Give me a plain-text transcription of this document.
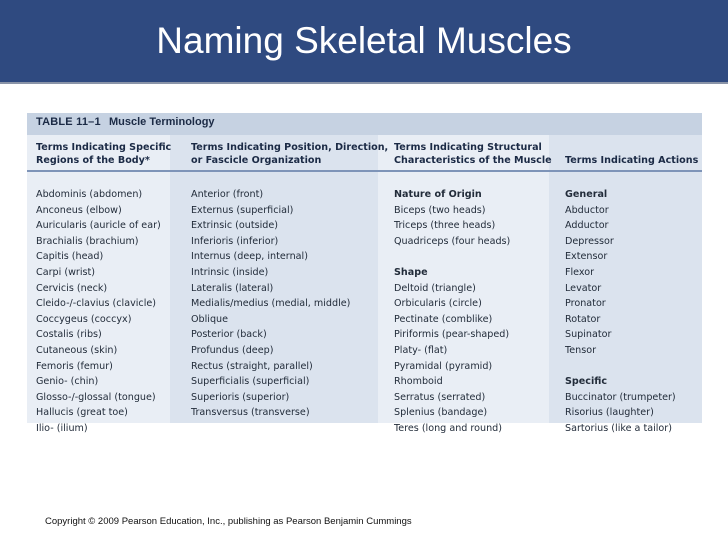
Naming Skeletal Muscles
TABLE 11–1 Muscle Terminology
Terms Indicating Specific
Regions of the Body*
Abdominis (abdomen)
Anconeus (elbow)
Auricularis (auricle of ear)
Brachialis (brachium)
Capitis (head)
Carpi (wrist)
Cervicis (neck)
Cleido-/-clavius (clavicle)
Coccygeus (coccyx)
Costalis (ribs)
Cutaneous (skin)
Femoris (femur)
Genio- (chin)
Glosso-/-glossal (tongue)
Hallucis (great toe)
Ilio- (ilium)
Terms Indicating Position, Direction,
or Fascicle Organization
Anterior (front)
Externus (superficial)
Extrinsic (outside)
Inferioris (inferior)
Internus (deep, internal)
Intrinsic (inside)
Lateralis (lateral)
Medialis/medius (medial, middle)
Oblique
Posterior (back)
Profundus (deep)
Rectus (straight, parallel)
Superficialis (superficial)
Superioris (superior)
Transversus (transverse)
Terms Indicating Structural
Characteristics of the Muscle
Nature of Origin
Biceps (two heads)
Triceps (three heads)
Quadriceps (four heads)
Shape
Deltoid (triangle)
Orbicularis (circle)
Pectinate (comblike)
Piriformis (pear-shaped)
Platy- (flat)
Pyramidal (pyramid)
Rhomboid
Serratus (serrated)
Splenius (bandage)
Teres (long and round)

Terms Indicating Actions
General
Abductor
Adductor
Depressor
Extensor
Flexor
Levator
Pronator
Rotator
Supinator
Tensor
Specific
Buccinator (trumpeter)
Risorius (laughter)
Sartorius (like a tailor)
Copyright © 2009 Pearson Education, Inc., publishing as Pearson Benjamin Cummings
